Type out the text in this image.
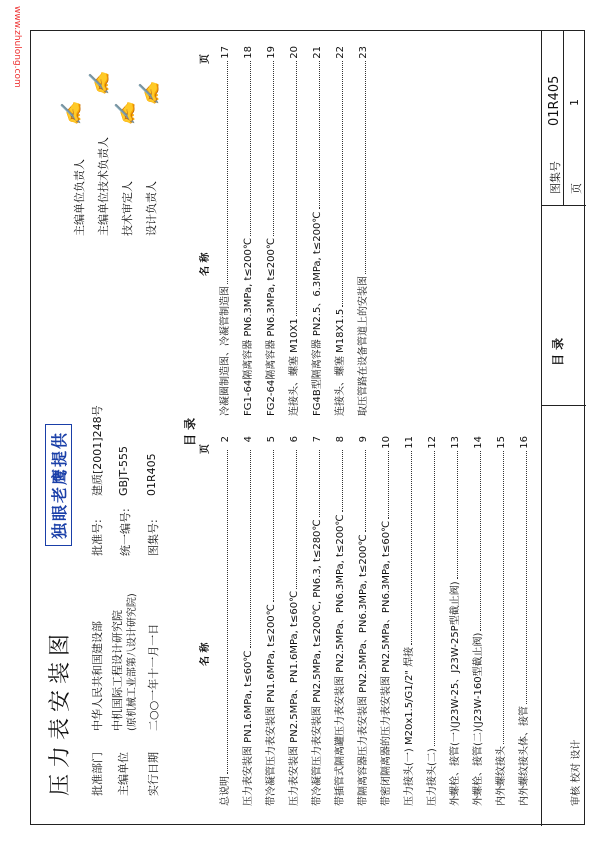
www.zhulong.com
审核 校对 设计
目 录
图集号
01R405
页
1
压力表安装图
独眼老鹰提供
批准部门
中华人民共和国建设部
主编单位
中机国际工程设计研究院 (原机械工业部第八设计研究院)
实行日期
二○○一年十一月一日
批准号:
建质[2001]248号
统一编号:
GBJT-555
图集号:
01R405
主编单位负责人 主编单位技术负责人 技术审定人 设计负责人
✍
✍
✍
✍
目 录
名 称
页
总说明
2
压力表安装图 PN1.6MPa, t≤60℃
4
带冷凝管压力表安装图 PN1.6MPa, t≤200℃
5
压力表安装图 PN2.5MPa、PN1.6MPa, t≤60℃
6
带冷凝管压力表安装图 PN2.5MPa, t≤200℃, PN6.3, t≤280℃
7
带插管式隔离罐压力表安装图 PN2.5MPa、PN6.3MPa, t≤200℃
8
带隔离容器压力表安装图 PN2.5MPa、PN6.3MPa, t≤200℃
9
带密闭隔离器的压力表安装图 PN2.5MPa、PN6.3MPa, t≤60℃
10
压力接头(一) M20x1.5/G1/2" 焊接
11
压力接头(二)
12
外螺栓、接管(一)(J23W-25、J23W-25P型截止阀)
13
外螺栓、接管(二)(J23W-160型截止阀)
14
内外螺纹接头
15
内外螺纹接头体、接管
16
名 称
页
冷凝圈制造图、冷凝管制造图
17
FG1-64隔离容器 PN6.3MPa, t≤200℃
18
FG2-64隔离容器 PN6.3MPa, t≤200℃
19
连接头、螺塞 M10X1
20
FG4B型隔离容器 PN2.5、6.3MPa, t≤200℃
21
连接头、螺塞 M18X1.5
22
取压管路在设备管道上的安装图
23
